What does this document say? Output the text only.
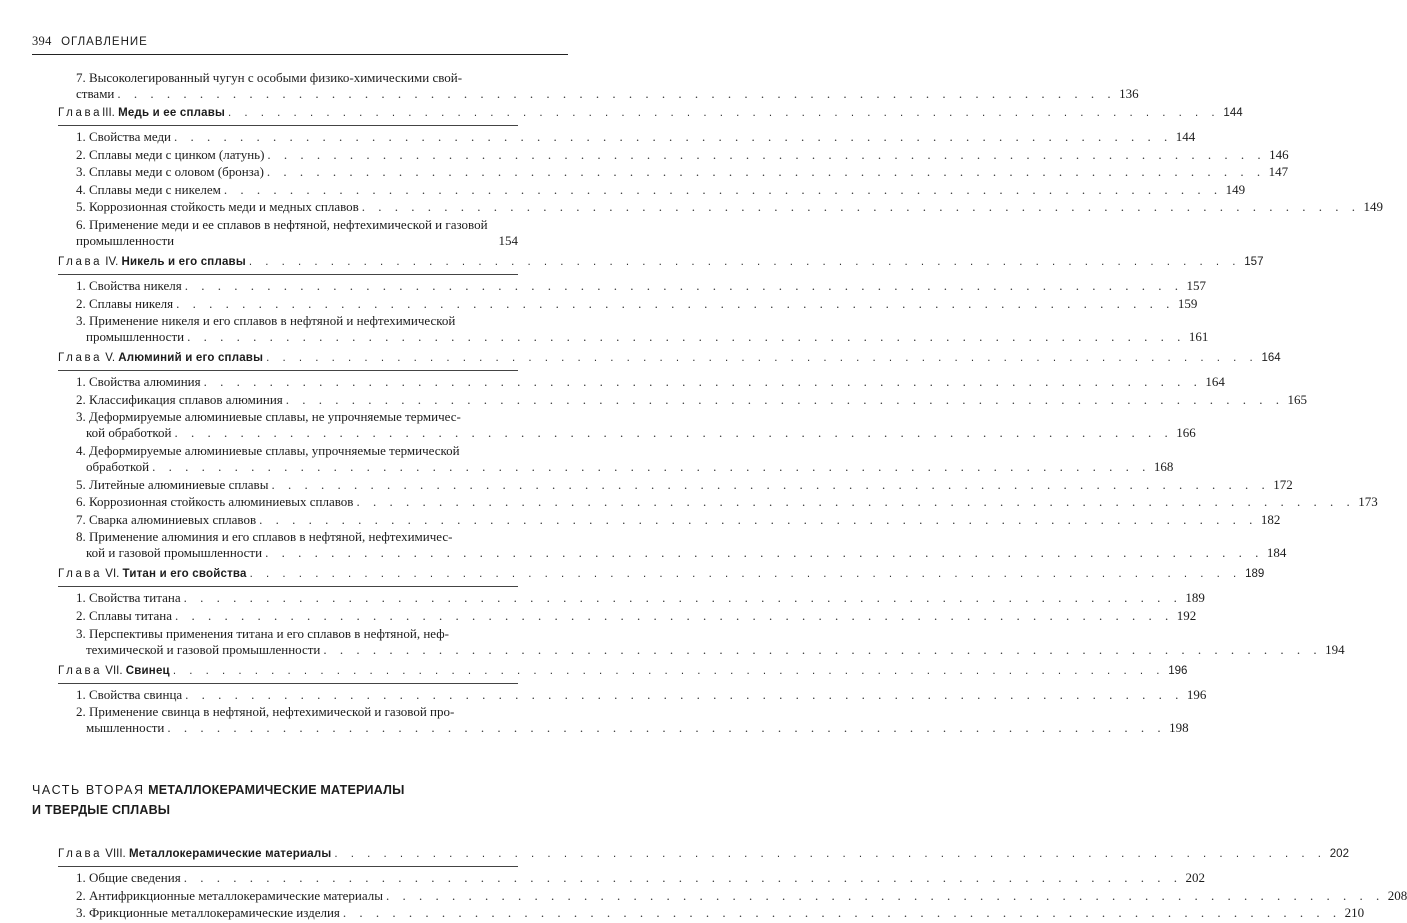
394 ОГЛАВЛЕНИЕ
7. Высоколегированный чугун с особыми физико-химическими свой-
ствами . . . . . . . . . . . . . . . . . . . . . . . . . . . . . . . . . . . . . . . . . . . . . . . . . . . . . . . . . . . . . 136
ГлаваIII. Медь и ее сплавы . . . . . . . . . . . . . . . . . . . . . . . . . . . . . . . . . . . . . . . . . . . . . . . . . . . . . . . . . . . . . 144
1. Свойства меди . . . . . . . . . . . . . . . . . . . . . . . . . . . . . . . . . . . . . . . . . . . . . . . . . . . . . . . . . . . . . 144
2. Сплавы меди с цинком (латунь) . . . . . . . . . . . . . . . . . . . . . . . . . . . . . . . . . . . . . . . . . . . . . . . . . . . . . . . . . . . . . 146
3. Сплавы меди с оловом (бронза) . . . . . . . . . . . . . . . . . . . . . . . . . . . . . . . . . . . . . . . . . . . . . . . . . . . . . . . . . . . . . 147
4. Сплавы меди с никелем . . . . . . . . . . . . . . . . . . . . . . . . . . . . . . . . . . . . . . . . . . . . . . . . . . . . . . . . . . . . . 149
5. Коррозионная стойкость меди и медных сплавов . . . . . . . . . . . . . . . . . . . . . . . . . . . . . . . . . . . . . . . . . . . . . . . . . . . . . . . . . . . . . 149
6. Применение меди и ее сплавов в нефтяной, нефтехимической и газовой промышленности	154
Глава IV. Никель и его сплавы . . . . . . . . . . . . . . . . . . . . . . . . . . . . . . . . . . . . . . . . . . . . . . . . . . . . . . . . . . . . . 157
1. Свойства никеля . . . . . . . . . . . . . . . . . . . . . . . . . . . . . . . . . . . . . . . . . . . . . . . . . . . . . . . . . . . . . 157
2. Сплавы никеля . . . . . . . . . . . . . . . . . . . . . . . . . . . . . . . . . . . . . . . . . . . . . . . . . . . . . . . . . . . . . 159
3. Применение никеля и его сплавов в нефтяной и нефтехимической
промышленности . . . . . . . . . . . . . . . . . . . . . . . . . . . . . . . . . . . . . . . . . . . . . . . . . . . . . . . . . . . . . 161
Глава V. Алюминий и его сплавы . . . . . . . . . . . . . . . . . . . . . . . . . . . . . . . . . . . . . . . . . . . . . . . . . . . . . . . . . . . . . 164
1. Свойства алюминия . . . . . . . . . . . . . . . . . . . . . . . . . . . . . . . . . . . . . . . . . . . . . . . . . . . . . . . . . . . . . 164
2. Классификация сплавов алюминия . . . . . . . . . . . . . . . . . . . . . . . . . . . . . . . . . . . . . . . . . . . . . . . . . . . . . . . . . . . . . 165
3. Деформируемые алюминиевые сплавы, не упрочняемые термичес-
кой обработкой . . . . . . . . . . . . . . . . . . . . . . . . . . . . . . . . . . . . . . . . . . . . . . . . . . . . . . . . . . . . . 166
4. Деформируемые алюминиевые сплавы, упрочняемые термической
обработкой . . . . . . . . . . . . . . . . . . . . . . . . . . . . . . . . . . . . . . . . . . . . . . . . . . . . . . . . . . . . . 168
5. Литейные алюминиевые сплавы . . . . . . . . . . . . . . . . . . . . . . . . . . . . . . . . . . . . . . . . . . . . . . . . . . . . . . . . . . . . . 172
6. Коррозионная стойкость алюминиевых сплавов . . . . . . . . . . . . . . . . . . . . . . . . . . . . . . . . . . . . . . . . . . . . . . . . . . . . . . . . . . . . . 173
7. Сварка алюминиевых сплавов . . . . . . . . . . . . . . . . . . . . . . . . . . . . . . . . . . . . . . . . . . . . . . . . . . . . . . . . . . . . . 182
8. Применение алюминия и его сплавов в нефтяной, нефтехимичес-
кой и газовой промышленности . . . . . . . . . . . . . . . . . . . . . . . . . . . . . . . . . . . . . . . . . . . . . . . . . . . . . . . . . . . . . 184
Глава VI. Титан и его свойства . . . . . . . . . . . . . . . . . . . . . . . . . . . . . . . . . . . . . . . . . . . . . . . . . . . . . . . . . . . . . 189
1. Свойства титана . . . . . . . . . . . . . . . . . . . . . . . . . . . . . . . . . . . . . . . . . . . . . . . . . . . . . . . . . . . . . 189
2. Сплавы титана . . . . . . . . . . . . . . . . . . . . . . . . . . . . . . . . . . . . . . . . . . . . . . . . . . . . . . . . . . . . . 192
3. Перспективы применения титана и его сплавов в нефтяной, неф-
техимической и газовой промышленности . . . . . . . . . . . . . . . . . . . . . . . . . . . . . . . . . . . . . . . . . . . . . . . . . . . . . . . . . . . . . 194
Глава VII. Свинец . . . . . . . . . . . . . . . . . . . . . . . . . . . . . . . . . . . . . . . . . . . . . . . . . . . . . . . . . . . . . 196
1. Свойства свинца . . . . . . . . . . . . . . . . . . . . . . . . . . . . . . . . . . . . . . . . . . . . . . . . . . . . . . . . . . . . . 196
2. Применение свинца в нефтяной, нефтехимической и газовой про-
мышленности . . . . . . . . . . . . . . . . . . . . . . . . . . . . . . . . . . . . . . . . . . . . . . . . . . . . . . . . . . . . . 198
ЧАСТЬ ВТОРАЯ МЕТАЛЛОКЕРАМИЧЕСКИЕ МАТЕРИАЛЫ
И ТВЕРДЫЕ СПЛАВЫ
Глава VIII. Металлокерамические материалы . . . . . . . . . . . . . . . . . . . . . . . . . . . . . . . . . . . . . . . . . . . . . . . . . . . . . . . . . . . . . 202
1. Общие сведения . . . . . . . . . . . . . . . . . . . . . . . . . . . . . . . . . . . . . . . . . . . . . . . . . . . . . . . . . . . . . 202
2. Антифрикционные металлокерамические материалы . . . . . . . . . . . . . . . . . . . . . . . . . . . . . . . . . . . . . . . . . . . . . . . . . . . . . . . . . . . . . 208
3. Фрикционные металлокерамические изделия . . . . . . . . . . . . . . . . . . . . . . . . . . . . . . . . . . . . . . . . . . . . . . . . . . . . . . . . . . . . . 210
